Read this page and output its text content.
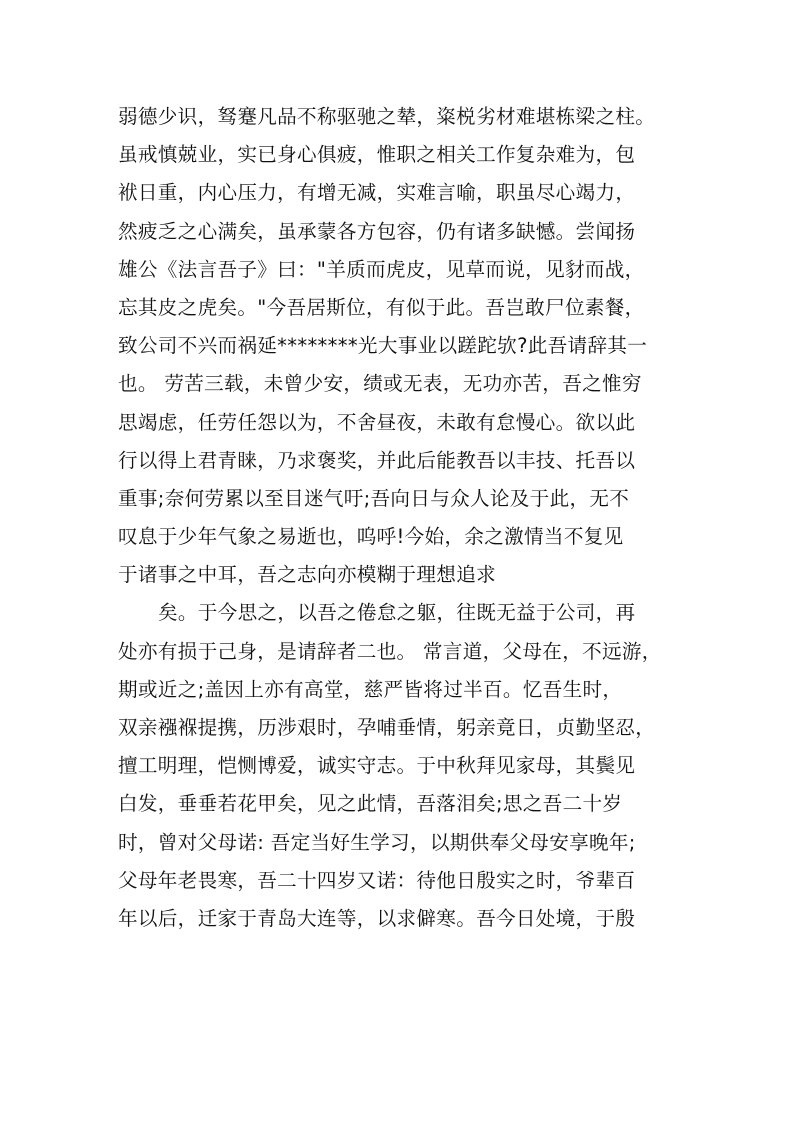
弱德少识，驽蹇凡品不称驱驰之辇，粢棁劣材难堪栋梁之柱。
虽戒慎兢业，实已身心俱疲，惟职之相关工作复杂难为，包
袱日重，内心压力，有增无减，实难言喻，职虽尽心竭力，
然疲乏之心满矣，虽承蒙各方包容，仍有诸多缺憾。尝闻扬
雄公《法言吾子》曰："羊质而虎皮，见草而说，见豺而战，
忘其皮之虎矣。"今吾居斯位，有似于此。吾岂敢尸位素餐，
致公司不兴而祸延********光大事业以蹉跎欤?此吾请辞其一
也。 劳苦三载，未曾少安，绩或无表，无功亦苦，吾之惟穷
思竭虑，任劳任怨以为，不舍昼夜，未敢有怠慢心。欲以此
行以得上君青睐，乃求褒奖，并此后能教吾以丰技、托吾以
重事;奈何劳累以至目迷气吁;吾向日与众人论及于此，无不
叹息于少年气象之易逝也，呜呼!今始，余之激情当不复见
于诸事之中耳，吾之志向亦模糊于理想追求
矣。于今思之，以吾之倦怠之躯，往既无益于公司，再
处亦有损于己身，是请辞者二也。 常言道，父母在，不远游，
期或近之;盖因上亦有高堂，慈严皆将过半百。忆吾生时，
双亲襁褓提携，历涉艰时，孕哺垂情，躬亲竟日，贞勤坚忍，
擅工明理，恺恻博爱，诚实守志。于中秋拜见家母，其鬓见
白发，垂垂若花甲矣，见之此情，吾落泪矣;思之吾二十岁
时，曾对父母诺: 吾定当好生学习，以期供奉父母安享晚年;
父母年老畏寒，吾二十四岁又诺：待他日殷实之时，爷辈百
年以后，迁家于青岛大连等，以求僻寒。吾今日处境，于殷
